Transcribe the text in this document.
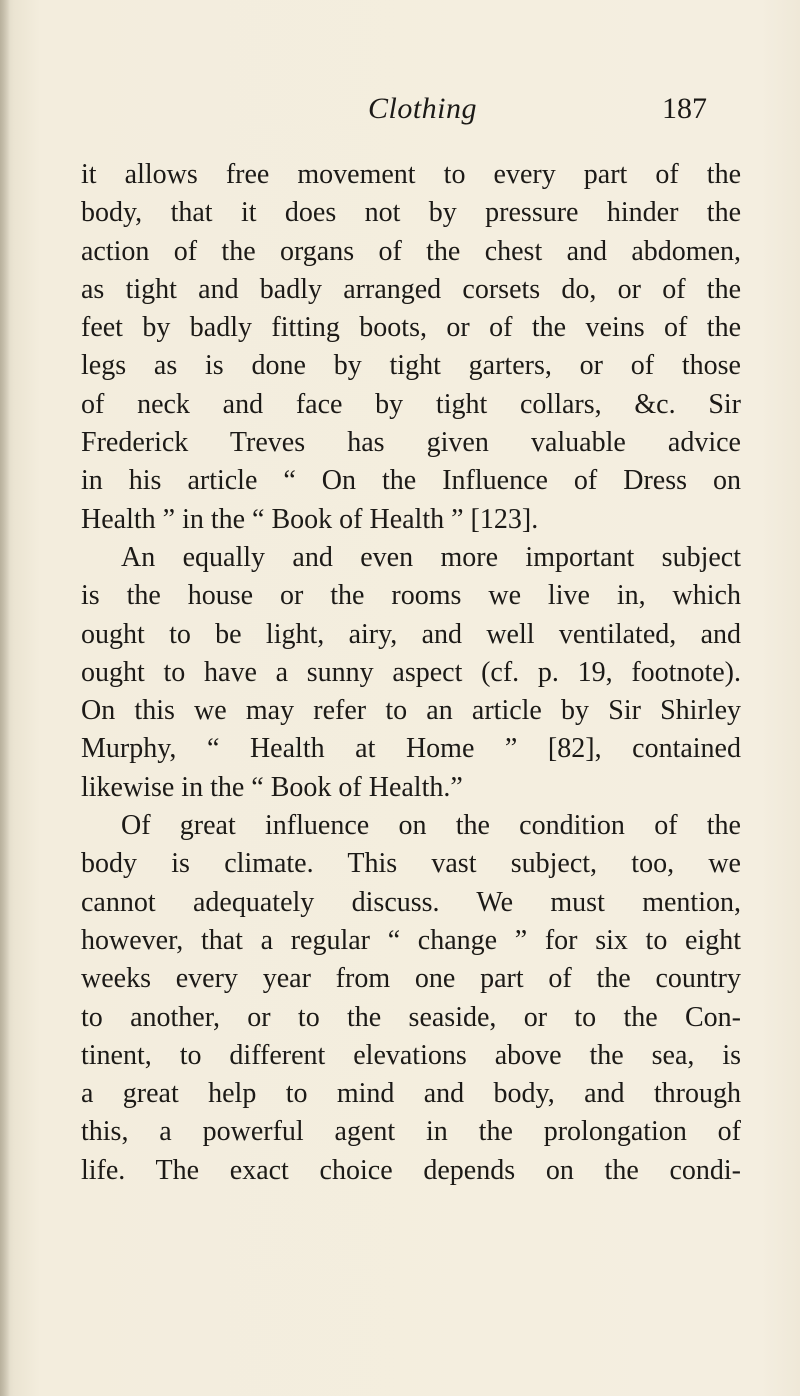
Clothing	187
it allows free movement to every part of the
body, that it does not by pressure hinder the
action of the organs of the chest and abdomen,
as tight and badly arranged corsets do, or of the
feet by badly fitting boots, or of the veins of the
legs as is done by tight garters, or of those
of neck and face by tight collars, &c. Sir
Frederick Treves has given valuable advice
in his article “ On the Influence of Dress on
Health ” in the “ Book of Health ” [123].
An equally and even more important subject
is the house or the rooms we live in, which
ought to be light, airy, and well ventilated, and
ought to have a sunny aspect (cf. p. 19, footnote).
On this we may refer to an article by Sir Shirley
Murphy, “ Health at Home ” [82], contained
likewise in the “ Book of Health.”
Of great influence on the condition of the
body is climate. This vast subject, too, we
cannot adequately discuss. We must mention,
however, that a regular “ change ” for six to eight
weeks every year from one part of the country
to another, or to the seaside, or to the Con-
tinent, to different elevations above the sea, is
a great help to mind and body, and through
this, a powerful agent in the prolongation of
life. The exact choice depends on the condi-
